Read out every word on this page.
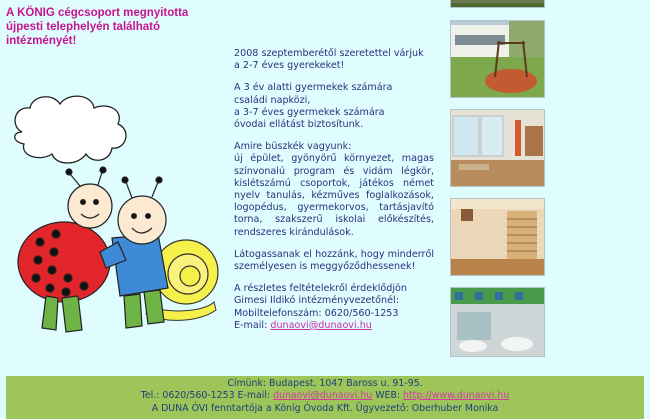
A KÖNIG cégcsoport megnyitotta újpesti telephelyén található intézményét!

2008 szeptemberétől szeretettel várjuk
a 2-7 éves gyerekeket!

A 3 év alatti gyermekek számára
családi napközi,
a 3-7 éves gyermekek számára
óvodai ellátást biztosítunk.

Amire büszkék vagyunk:
új épület, gyönyörű környezet, magas színvonalú program és vidám légkör, kislétszámú csoportok, játékos német nyelv tanulás, kézműves foglalkozások, logopédus, gyermekorvos, tartásjavító torna, szakszerű iskolai előkészítés, rendszeres kirándulások.

Látogassanak el hozzánk, hogy minderről személyesen is meggyőződhessenek!

A részletes feltételekről érdeklődjön
Gimesi Ildikó intézményvezetőnél:
Mobiltelefonszám: 0620/560-1253
E-mail: dunaovi@dunaovi.hu

Címünk: Budapest, 1047 Baross u. 91-95.
Tel.: 0620/560-1253 E-mail: dunaovi@dunaovi.hu WEB: http://www.dunaovi.hu
A DUNA ÓVI fenntartója a König Óvoda Kft. Ügyvezető: Oberhuber Monika
